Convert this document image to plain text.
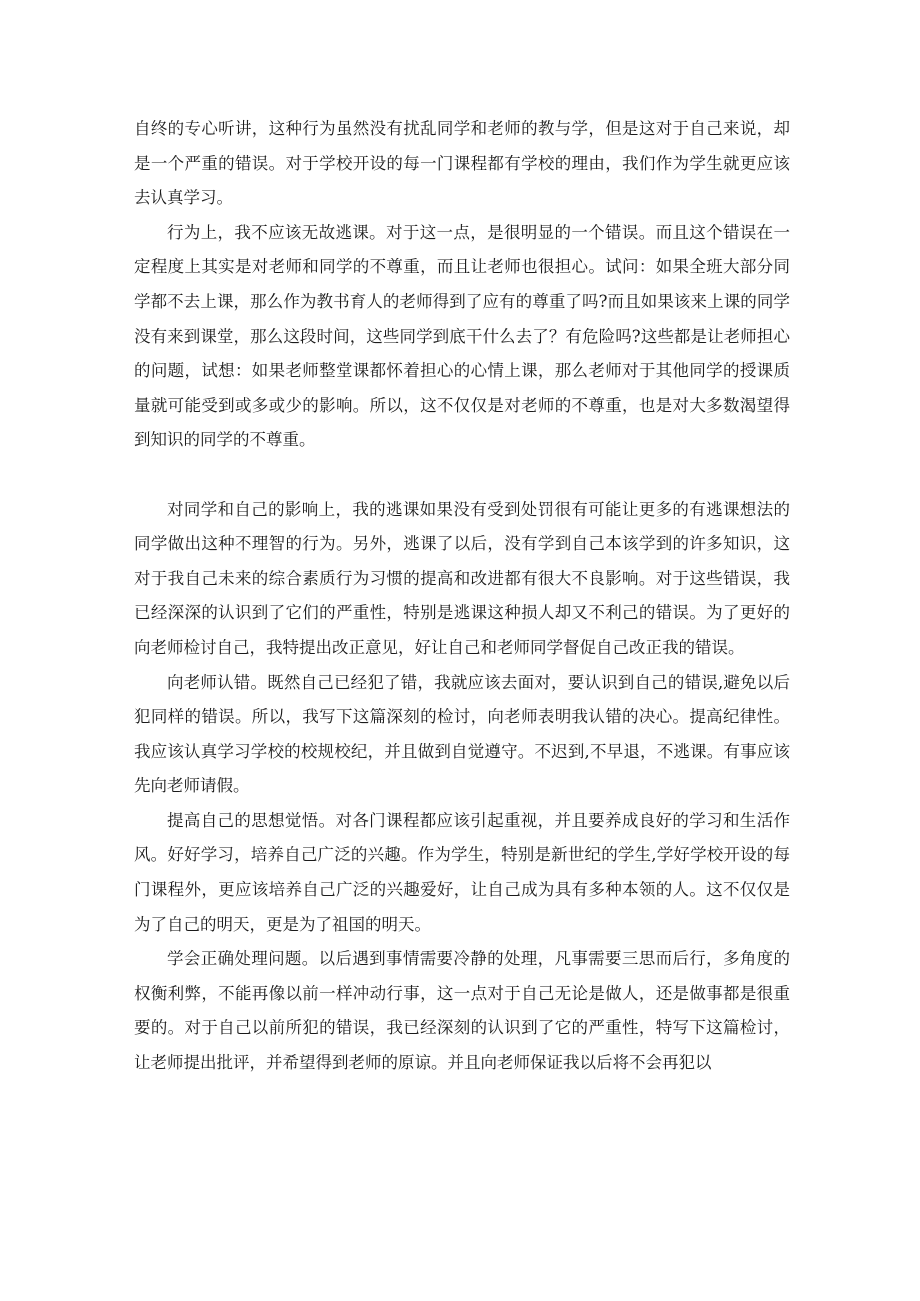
自终的专心听讲，这种行为虽然没有扰乱同学和老师的教与学，但是这对于自己来说，却是一个严重的错误。对于学校开设的每一门课程都有学校的理由，我们作为学生就更应该去认真学习。

行为上，我不应该无故逃课。对于这一点，是很明显的一个错误。而且这个错误在一定程度上其实是对老师和同学的不尊重，而且让老师也很担心。试问：如果全班大部分同学都不去上课，那么作为教书育人的老师得到了应有的尊重了吗?而且如果该来上课的同学没有来到课堂，那么这段时间，这些同学到底干什么去了？有危险吗?这些都是让老师担心的问题，试想：如果老师整堂课都怀着担心的心情上课，那么老师对于其他同学的授课质量就可能受到或多或少的影响。所以，这不仅仅是对老师的不尊重，也是对大多数渴望得到知识的同学的不尊重。

对同学和自己的影响上，我的逃课如果没有受到处罚很有可能让更多的有逃课想法的同学做出这种不理智的行为。另外，逃课了以后，没有学到自己本该学到的许多知识，这对于我自己未来的综合素质行为习惯的提高和改进都有很大不良影响。对于这些错误，我已经深深的认识到了它们的严重性，特别是逃课这种损人却又不利己的错误。为了更好的向老师检讨自己，我特提出改正意见，好让自己和老师同学督促自己改正我的错误。

向老师认错。既然自己已经犯了错，我就应该去面对，要认识到自己的错误,避免以后犯同样的错误。所以，我写下这篇深刻的检讨，向老师表明我认错的决心。提高纪律性。我应该认真学习学校的校规校纪，并且做到自觉遵守。不迟到,不早退，不逃课。有事应该先向老师请假。

提高自己的思想觉悟。对各门课程都应该引起重视，并且要养成良好的学习和生活作风。好好学习，培养自己广泛的兴趣。作为学生，特别是新世纪的学生,学好学校开设的每门课程外，更应该培养自己广泛的兴趣爱好，让自己成为具有多种本领的人。这不仅仅是为了自己的明天，更是为了祖国的明天。

学会正确处理问题。以后遇到事情需要冷静的处理，凡事需要三思而后行，多角度的权衡利弊，不能再像以前一样冲动行事，这一点对于自己无论是做人，还是做事都是很重要的。对于自己以前所犯的错误，我已经深刻的认识到了它的严重性，特写下这篇检讨，让老师提出批评，并希望得到老师的原谅。并且向老师保证我以后将不会再犯以
